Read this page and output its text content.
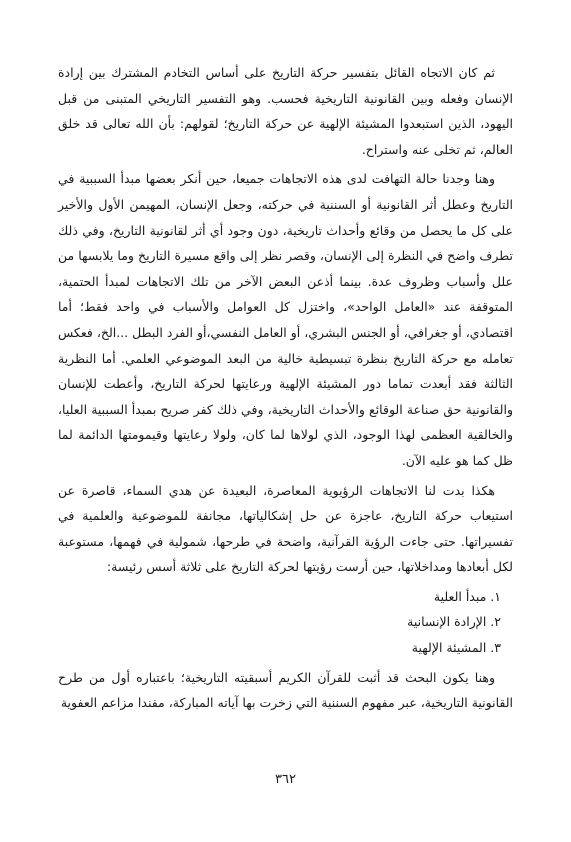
ثم كان الاتجاه القائل بتفسير حركة التاريخ على أساس التخادم المشترك بين إرادة الإنسان وفعله وبين القانونية التاريخية فحسب. وهو التفسير التاريخي المتبنى من قبل اليهود، الذين استبعدوا المشيئة الإلهية عن حركة التاريخ؛ لقولهم: بأن الله تعالى قد خلق العالم، ثم تخلى عنه واستراح.

وهنا وجدنا حالة التهافت لدى هذه الاتجاهات جميعا، حين أنكر بعضها مبدأ السببية في التاريخ وعطل أثر القانونية أو السننية في حركته، وجعل الإنسان، المهيمن الأول والأخير على كل ما يحصل من وقائع وأحداث تاريخية، دون وجود أي أثر لقانونية التاريخ، وفي ذلك تطرف واضح في النظرة إلى الإنسان، وقصر نظر إلى واقع مسيرة التاريخ وما يلابسها من علل وأسباب وظروف عدة. بينما أذعن البعض الآخر من تلك الاتجاهات لمبدأ الحتمية، المتوقفة عند «العامل الواحد»، واختزل كل العوامل والأسباب في واحد فقط؛ أما اقتصادي، أو جغرافي، أو الجنس البشري، أو العامل النفسي،أو الفرد البطل ...الخ، فعكس تعامله مع حركة التاريخ بنظرة تبسيطية خالية من البعد الموضوعي العلمي. أما النظرية الثالثة فقد أبعدت تماما دور المشيئة الإلهية ورعايتها لحركة التاريخ، وأعطت للإنسان والقانونية حق صناعة الوقائع والأحداث التاريخية، وفي ذلك كفر صريح بمبدأ السببية العليا، والخالقية العظمى لهذا الوجود، الذي لولاها لما كان، ولولا رعايتها وقيمومتها الدائمة لما ظل كما هو عليه الآن.

هكذا بدت لنا الاتجاهات الرؤيوية المعاصرة، البعيدة عن هدي السماء، قاصرة عن استيعاب حركة التاريخ، عاجزة عن حل إشكالياتها، مجانفة للموضوعية والعلمية في تفسيراتها. حتى جاءت الرؤية القرآنية، واضحة في طرحها، شمولية في فهمها، مستوعبة لكل أبعادها ومداخلاتها، حين أرست رؤيتها لحركة التاريخ على ثلاثة أسس رئيسة:

١. مبدأ العلية
٢. الإرادة الإنسانية
٣. المشيئة الإلهية

وهنا يكون البحث قد أثبت للقرآن الكريم أسبقيته التاريخية؛ باعتباره أول من طرح القانونية التاريخية، عبر مفهوم السننية التي زخرت بها آياته المباركة، مفندا مزاعم العفوية

٣٦٢
